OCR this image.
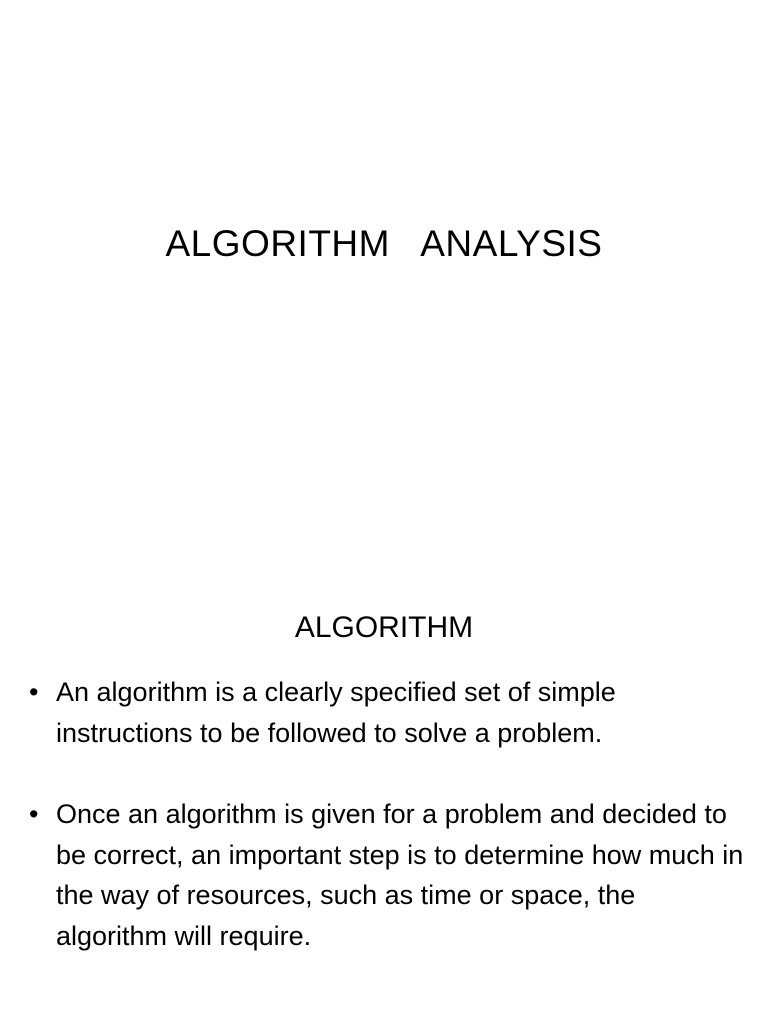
ALGORITHM   ANALYSIS
ALGORITHM
• An algorithm is a clearly specified set of simple instructions to be followed to solve a problem.
• Once an algorithm is given for a problem and decided to be correct, an important step is to determine how much in the way of resources, such as time or space, the algorithm will require.
